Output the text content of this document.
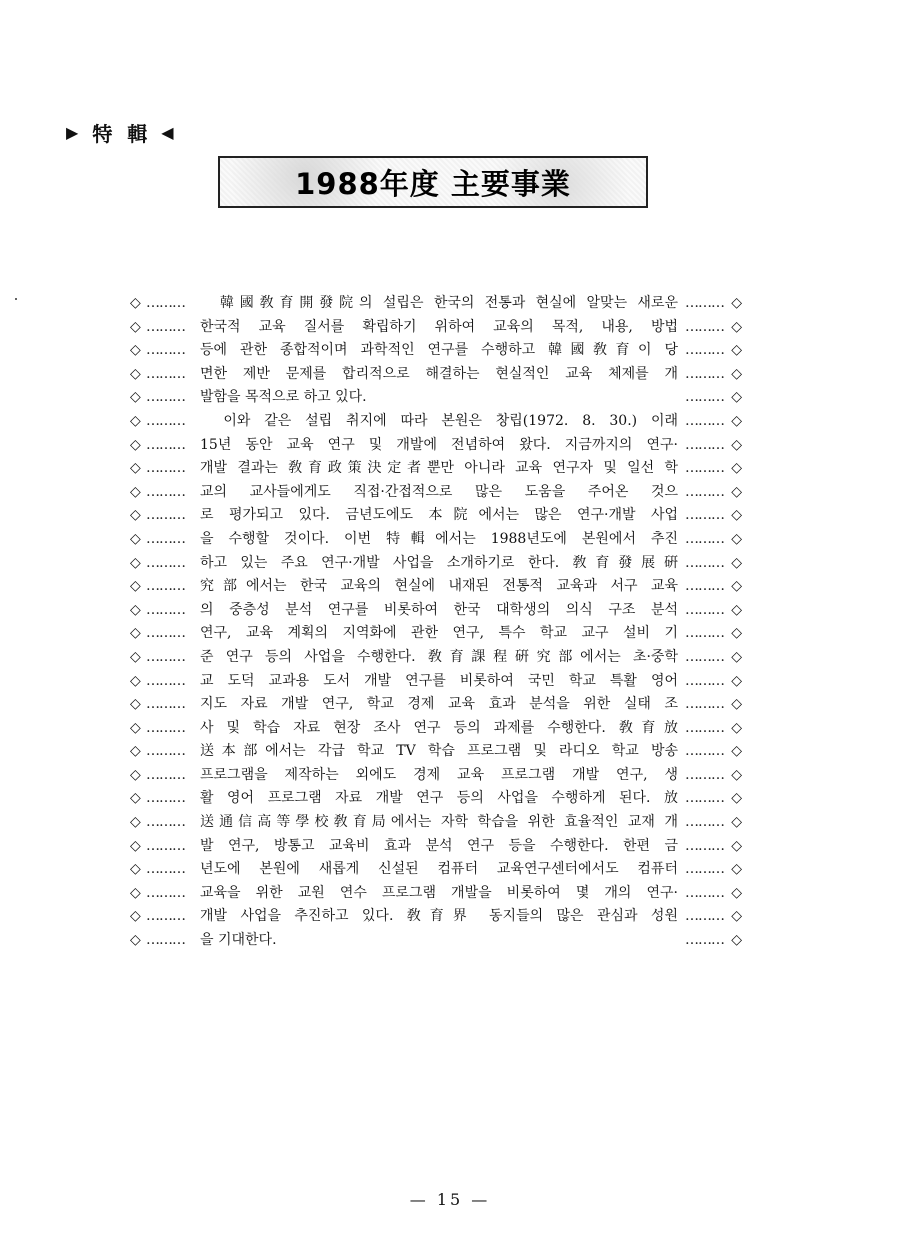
▶ 特 輯 ◀
1988年度 主要事業
◇ ……… 　韓國敎育開發院의 설립은 한국의 전통과 현실에 알맞는 새로운 ……… ◇
◇ ……… 한국적 교육 질서를 확립하기 위하여 교육의 목적, 내용, 방법 ……… ◇
◇ ……… 등에 관한 종합적이며 과학적인 연구를 수행하고 韓國敎育이 당 ……… ◇
◇ ……… 면한 제반 문제를 합리적으로 해결하는 현실적인 교육 체제를 개 ……… ◇
◇ ……… 발함을 목적으로 하고 있다.	……… ◇
◇ ……… 　이와 같은 설립 취지에 따라 본원은 창립(1972. 8. 30.) 이래 ……… ◇
◇ ……… 15년 동안 교육 연구 및 개발에 전념하여 왔다. 지금까지의 연구· ……… ◇
◇ ……… 개발 결과는 敎育政策決定者뿐만 아니라 교육 연구자 및 일선 학 ……… ◇
◇ ……… 교의 교사들에게도 직접·간접적으로 많은 도움을 주어온 것으 ……… ◇
◇ ……… 로 평가되고 있다. 금년도에도 本院에서는 많은 연구·개발 사업 ……… ◇
◇ ……… 을 수행할 것이다. 이번 特輯에서는 1988년도에 본원에서 추진 ……… ◇
◇ ……… 하고 있는 주요 연구·개발 사업을 소개하기로 한다. 敎育發展硏 ……… ◇
◇ ……… 究部에서는 한국 교육의 현실에 내재된 전통적 교육과 서구 교육 ……… ◇
◇ ……… 의 중층성 분석 연구를 비롯하여 한국 대학생의 의식 구조 분석 ……… ◇
◇ ……… 연구, 교육 계획의 지역화에 관한 연구, 특수 학교 교구 설비 기 ……… ◇
◇ ……… 준 연구 등의 사업을 수행한다. 敎育課程硏究部에서는 초·중학 ……… ◇
◇ ……… 교 도덕 교과용 도서 개발 연구를 비롯하여 국민 학교 특활 영어 ……… ◇
◇ ……… 지도 자료 개발 연구, 학교 경제 교육 효과 분석을 위한 실태 조 ……… ◇
◇ ……… 사 및 학습 자료 현장 조사 연구 등의 과제를 수행한다. 敎育放 ……… ◇
◇ ……… 送本部에서는 각급 학교 TV 학습 프로그램 및 라디오 학교 방송 ……… ◇
◇ ……… 프로그램을 제작하는 외에도 경제 교육 프로그램 개발 연구, 생 ……… ◇
◇ ……… 활 영어 프로그램 자료 개발 연구 등의 사업을 수행하게 된다. 放 ……… ◇
◇ ……… 送通信高等學校敎育局에서는 자학 학습을 위한 효율적인 교재 개 ……… ◇
◇ ……… 발 연구, 방통고 교육비 효과 분석 연구 등을 수행한다. 한편 금 ……… ◇
◇ ……… 년도에 본원에 새롭게 신설된 컴퓨터 교육연구센터에서도 컴퓨터 ……… ◇
◇ ……… 교육을 위한 교원 연수 프로그램 개발을 비롯하여 몇 개의 연구· ……… ◇
◇ ……… 개발 사업을 추진하고 있다. 敎育界 동지들의 많은 관심과 성원 ……… ◇
◇ ……… 을 기대한다.	……… ◇
— 15 —
